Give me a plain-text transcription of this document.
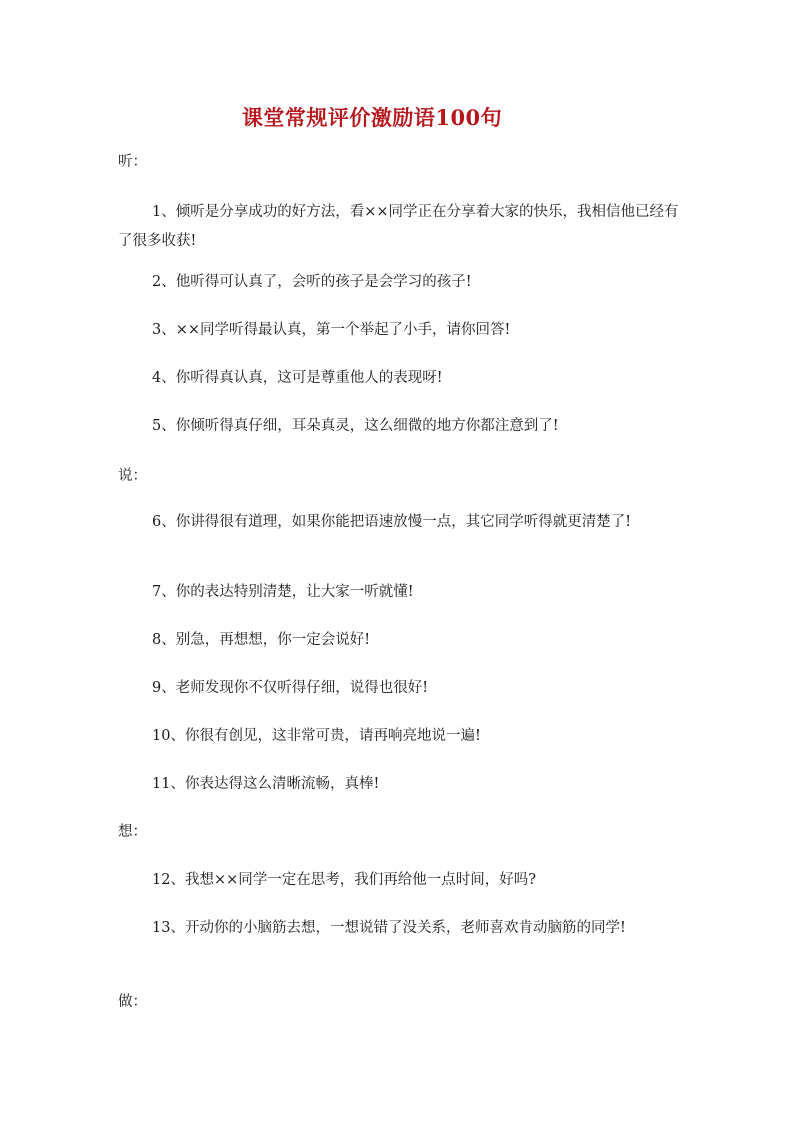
课堂常规评价激励语100句
听：
1、倾听是分享成功的好方法，看××同学正在分享着大家的快乐，我相信他已经有了很多收获!
2、他听得可认真了，会听的孩子是会学习的孩子!
3、××同学听得最认真，第一个举起了小手，请你回答!
4、你听得真认真，这可是尊重他人的表现呀!
5、你倾听得真仔细，耳朵真灵，这么细微的地方你都注意到了!
说：
6、你讲得很有道理，如果你能把语速放慢一点，其它同学听得就更清楚了!
7、你的表达特别清楚，让大家一听就懂!
8、别急，再想想，你一定会说好!
9、老师发现你不仅听得仔细，说得也很好!
10、你很有创见，这非常可贵，请再响亮地说一遍!
11、你表达得这么清晰流畅，真棒!
想：
12、我想××同学一定在思考，我们再给他一点时间，好吗?
13、开动你的小脑筋去想，一想说错了没关系，老师喜欢肯动脑筋的同学!
做：
